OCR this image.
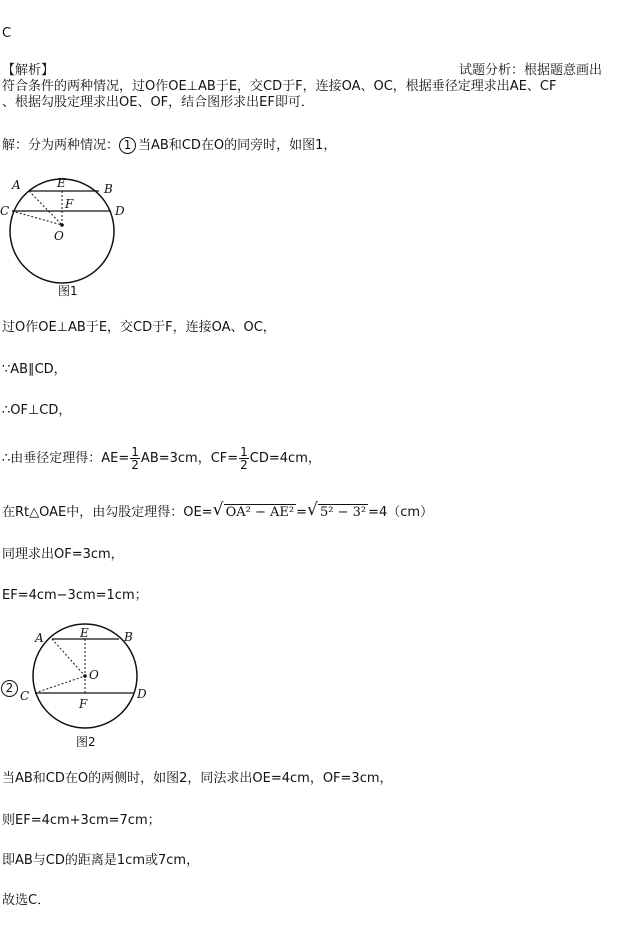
C
【解析】	试题分析：根据题意画出
符合条件的两种情况，过O作OE⊥AB于E，交CD于F，连接OA、OC，根据垂径定理求出AE、CF
、根据勾股定理求出OE、OF，结合图形求出EF即可．
解：分为两种情况： 1 当AB和CD在O的同旁时，如图1，
A	E	B
C	F	D
O
图1
过O作OE⊥AB于E，交CD于F，连接OA、OC，
∵AB∥CD，
∴OF⊥CD，
∴由垂径定理得：$AE= \frac{1}{2} AB=3cm$，$CF= \frac{1}{2} CD=4cm$，
在Rt△OAE中，由勾股定理得：OE= √ OA² − AE² = √ 5² − 3² =4（cm）
同理求出OF=3cm，
EF=4cm−3cm=1cm；
A	E	B
O
C	D
F
图2
2
当AB和CD在O的两侧时，如图2，同法求出OE=4cm，OF=3cm，
则EF=4cm+3cm=7cm；
即AB与CD的距离是1cm或7cm，
故选C．
